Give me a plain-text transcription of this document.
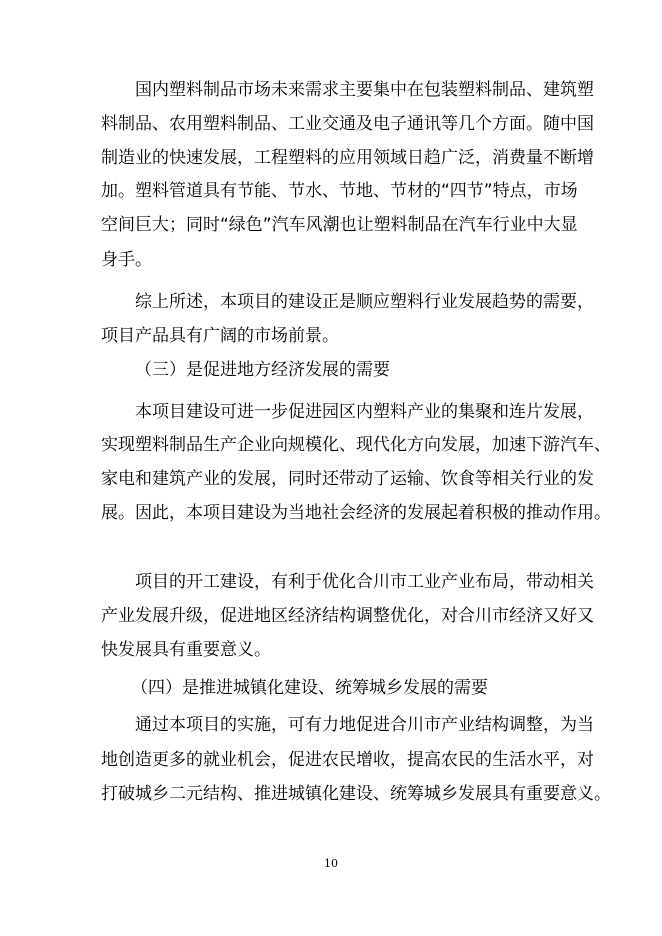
国内塑料制品市场未来需求主要集中在包装塑料制品、建筑塑
料制品、农用塑料制品、工业交通及电子通讯等几个方面。随中国
制造业的快速发展，工程塑料的应用领域日趋广泛，消费量不断增
加。塑料管道具有节能、节水、节地、节材的“四节”特点，市场
空间巨大；同时“绿色”汽车风潮也让塑料制品在汽车行业中大显
身手。
综上所述，本项目的建设正是顺应塑料行业发展趋势的需要，
项目产品具有广阔的市场前景。
（三）是促进地方经济发展的需要
本项目建设可进一步促进园区内塑料产业的集聚和连片发展，
实现塑料制品生产企业向规模化、现代化方向发展，加速下游汽车、
家电和建筑产业的发展，同时还带动了运输、饮食等相关行业的发
展。因此，本项目建设为当地社会经济的发展起着积极的推动作用。
项目的开工建设，有利于优化合川市工业产业布局，带动相关
产业发展升级，促进地区经济结构调整优化，对合川市经济又好又
快发展具有重要意义。
（四）是推进城镇化建设、统筹城乡发展的需要
通过本项目的实施，可有力地促进合川市产业结构调整，为当
地创造更多的就业机会，促进农民增收，提高农民的生活水平，对
打破城乡二元结构、推进城镇化建设、统筹城乡发展具有重要意义。
10
